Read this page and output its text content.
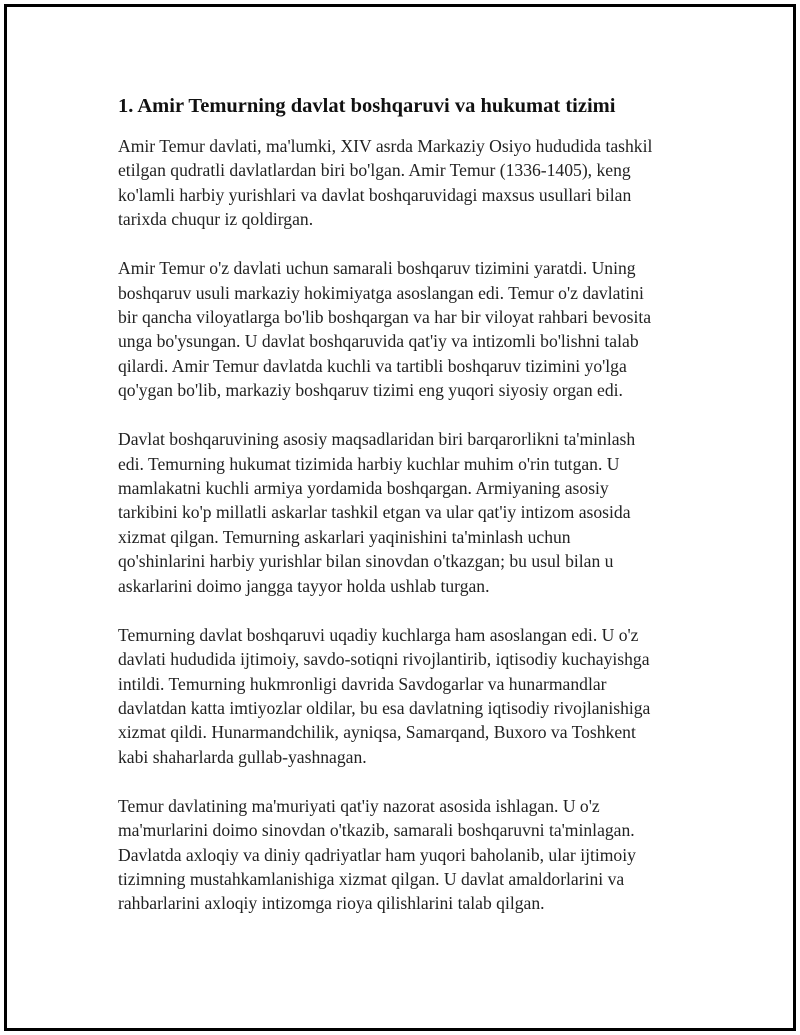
1. Amir Temurning davlat boshqaruvi va hukumat tizimi
Amir Temur davlati, ma'lumki, XIV asrda Markaziy Osiyo hududida tashkil
etilgan qudratli davlatlardan biri bo'lgan. Amir Temur (1336-1405), keng
ko'lamli harbiy yurishlari va davlat boshqaruvidagi maxsus usullari bilan
tarixda chuqur iz qoldirgan.
Amir Temur o'z davlati uchun samarali boshqaruv tizimini yaratdi. Uning
boshqaruv usuli markaziy hokimiyatga asoslangan edi. Temur o'z davlatini
bir qancha viloyatlarga bo'lib boshqargan va har bir viloyat rahbari bevosita
unga bo'ysungan. U davlat boshqaruvida qat'iy va intizomli bo'lishni talab
qilardi. Amir Temur davlatda kuchli va tartibli boshqaruv tizimini yo'lga
qo'ygan bo'lib, markaziy boshqaruv tizimi eng yuqori siyosiy organ edi.
Davlat boshqaruvining asosiy maqsadlaridan biri barqarorlikni ta'minlash
edi. Temurning hukumat tizimida harbiy kuchlar muhim o'rin tutgan. U
mamlakatni kuchli armiya yordamida boshqargan. Armiyaning asosiy
tarkibini ko'p millatli askarlar tashkil etgan va ular qat'iy intizom asosida
xizmat qilgan. Temurning askarlari yaqinishini ta'minlash uchun
qo'shinlarini harbiy yurishlar bilan sinovdan o'tkazgan; bu usul bilan u
askarlarini doimo jangga tayyor holda ushlab turgan.
Temurning davlat boshqaruvi uqadiy kuchlarga ham asoslangan edi. U o'z
davlati hududida ijtimoiy, savdo-sotiqni rivojlantirib, iqtisodiy kuchayishga
intildi. Temurning hukmronligi davrida Savdogarlar va hunarmandlar
davlatdan katta imtiyozlar oldilar, bu esa davlatning iqtisodiy rivojlanishiga
xizmat qildi. Hunarmandchilik, ayniqsa, Samarqand, Buxoro va Toshkent
kabi shaharlarda gullab-yashnagan.
Temur davlatining ma'muriyati qat'iy nazorat asosida ishlagan. U o'z
ma'murlarini doimo sinovdan o'tkazib, samarali boshqaruvni ta'minlagan.
Davlatda axloqiy va diniy qadriyatlar ham yuqori baholanib, ular ijtimoiy
tizimning mustahkamlanishiga xizmat qilgan. U davlat amaldorlarini va
rahbarlarini axloqiy intizomga rioya qilishlarini talab qilgan.
